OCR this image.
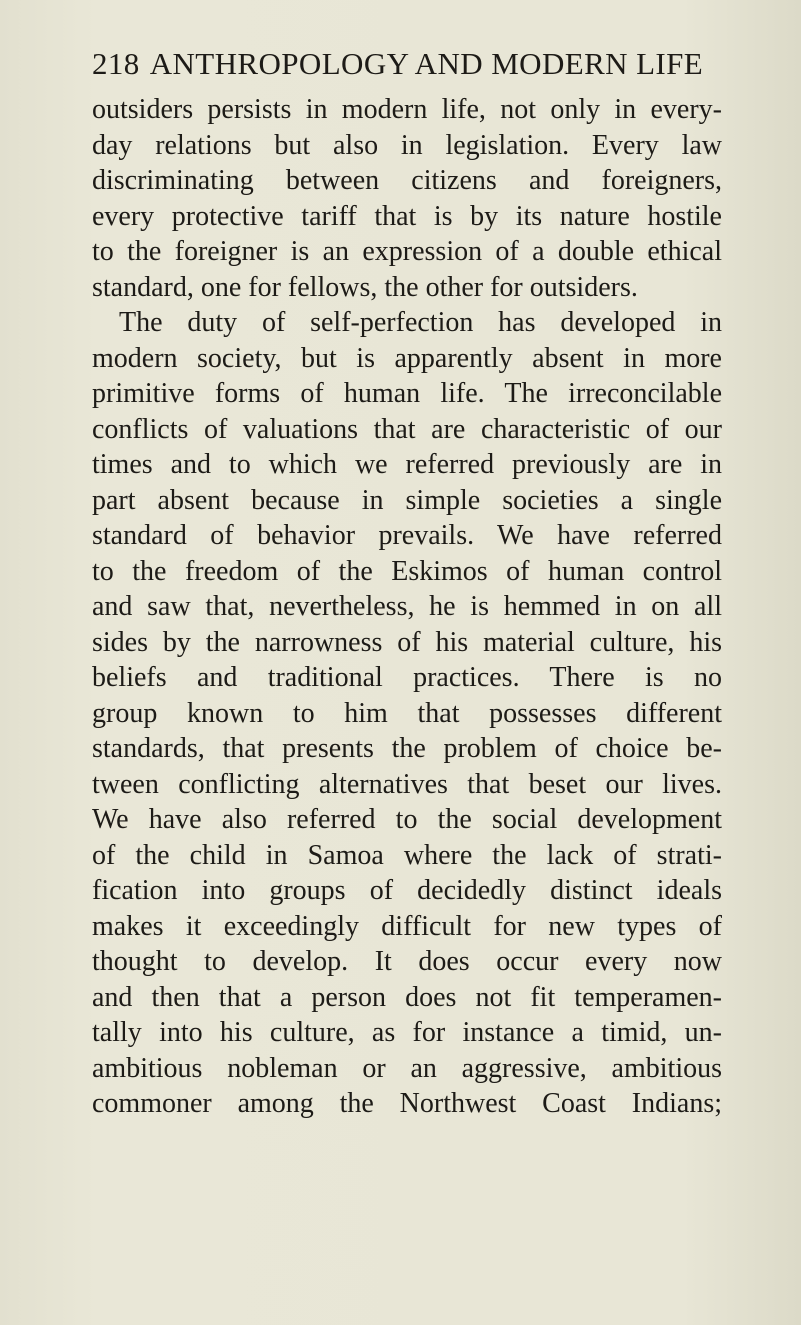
218 ANTHROPOLOGY AND MODERN LIFE
outsiders persists in modern life, not only in every-
day relations but also in legislation. Every law
discriminating between citizens and foreigners,
every protective tariff that is by its nature hostile
to the foreigner is an expression of a double ethical
standard, one for fellows, the other for outsiders.
The duty of self-perfection has developed in
modern society, but is apparently absent in more
primitive forms of human life. The irreconcilable
conflicts of valuations that are characteristic of our
times and to which we referred previously are in
part absent because in simple societies a single
standard of behavior prevails. We have referred
to the freedom of the Eskimos of human control
and saw that, nevertheless, he is hemmed in on all
sides by the narrowness of his material culture, his
beliefs and traditional practices. There is no
group known to him that possesses different
standards, that presents the problem of choice be-
tween conflicting alternatives that beset our lives.
We have also referred to the social development
of the child in Samoa where the lack of strati-
fication into groups of decidedly distinct ideals
makes it exceedingly difficult for new types of
thought to develop. It does occur every now
and then that a person does not fit temperamen-
tally into his culture, as for instance a timid, un-
ambitious nobleman or an aggressive, ambitious
commoner among the Northwest Coast Indians;
